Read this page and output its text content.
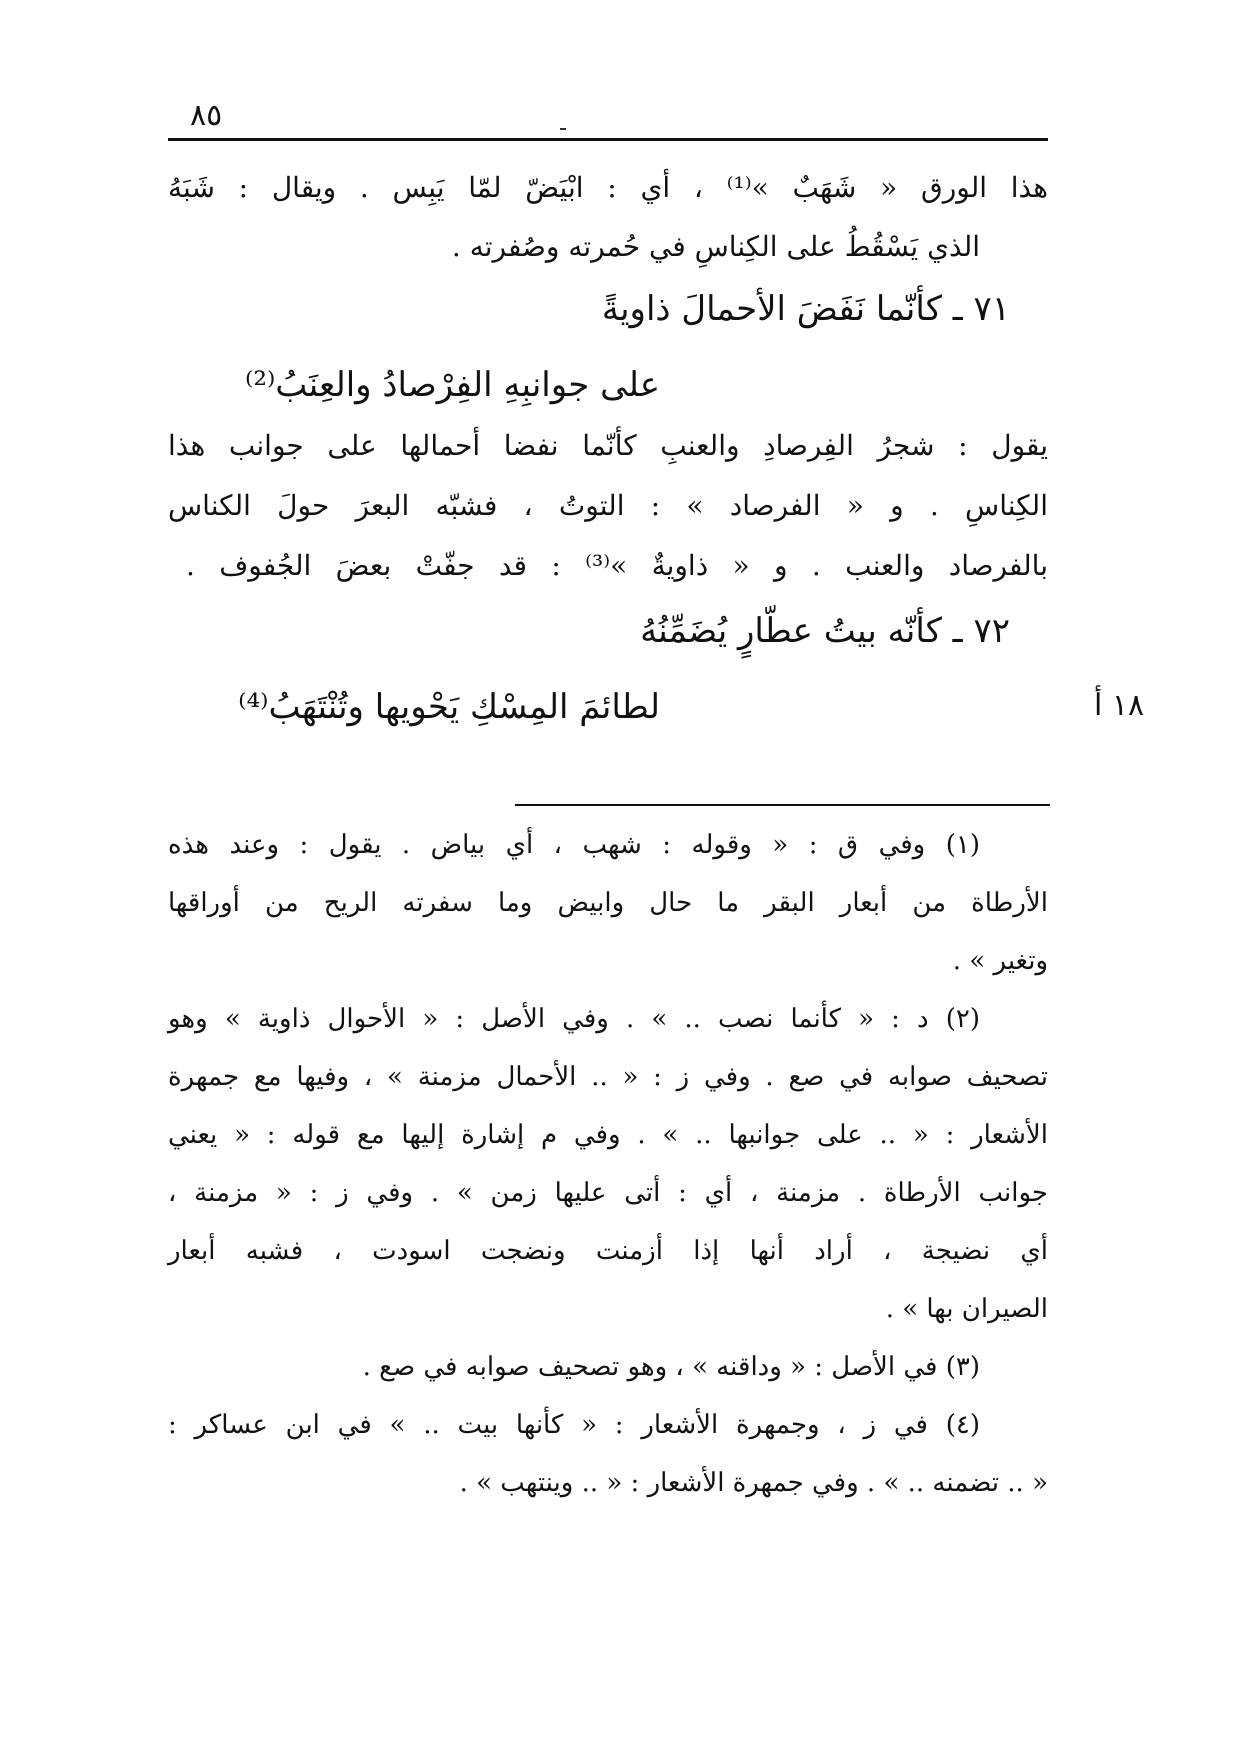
٨٥
هذا الورق « شَهَبٌ »⁽¹⁾ ، أي : ابْيَضّ لمّا يَبِس . ويقال : شَبَهُ
الذي يَسْقُطُ على الكِناسِ في حُمرته وصُفرته .
٧١ ـ كأنّما نَفَضَ الأحمالَ ذاويةً
على جوانبِهِ الفِرْصادُ والعِنَبُ⁽²⁾
يقول : شجرُ الفِرصادِ والعنبِ كأنّما نفضا أحمالها على جوانب هذا
الكِناسِ . و « الفرصاد » : التوتُ ، فشبّه البعرَ حولَ الكناس
بالفرصاد والعنب . و « ذاويةٌ »⁽³⁾ : قد جفّتْ بعضَ الجُفوف .
٧٢ ـ كأنّه بيتُ عطّارٍ يُضَمِّنُهُ
لطائمَ المِسْكِ يَحْويها وتُنْتَهَبُ⁽⁴⁾	١٨ أ
(١) وفي ق : « وقوله : شهب ، أي بياض . يقول : وعند هذه
الأرطاة من أبعار البقر ما حال وابيض وما سفرته الريح من أوراقها
وتغير » .
(٢) د : « كأنما نصب .. » . وفي الأصل : « الأحوال ذاوية » وهو
تصحيف صوابه في صع . وفي ز : « .. الأحمال مزمنة » ، وفيها مع جمهرة
الأشعار : « .. على جوانبها .. » . وفي م إشارة إليها مع قوله : « يعني
جوانب الأرطاة . مزمنة ، أي : أتى عليها زمن » . وفي ز : « مزمنة ،
أي نضيجة ، أراد أنها إذا أزمنت ونضجت اسودت ، فشبه أبعار
الصيران بها » .
(٣) في الأصل : « وداقنه » ، وهو تصحيف صوابه في صع .
(٤) في ز ، وجمهرة الأشعار : « كأنها بيت .. » في ابن عساكر :
« .. تضمنه .. » . وفي جمهرة الأشعار : « .. وينتهب » .
